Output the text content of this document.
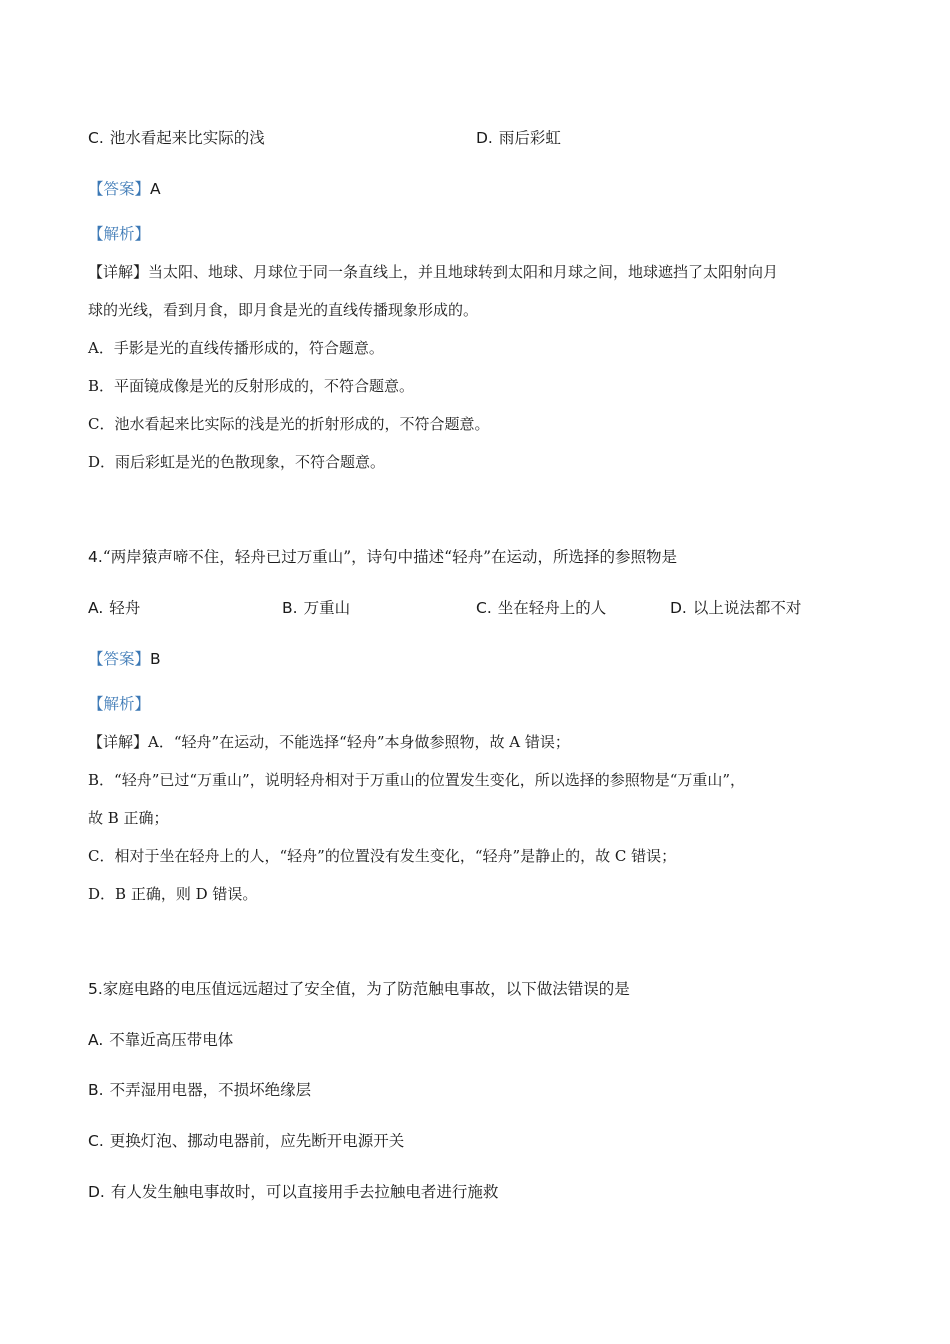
C. 池水看起来比实际的浅	D. 雨后彩虹
【答案】A
【解析】
【详解】当太阳、地球、月球位于同一条直线上，并且地球转到太阳和月球之间，地球遮挡了太阳射向月
球的光线，看到月食，即月食是光的直线传播现象形成的。
A．手影是光的直线传播形成的，符合题意。
B．平面镜成像是光的反射形成的，不符合题意。
C．池水看起来比实际的浅是光的折射形成的，不符合题意。
D．雨后彩虹是光的色散现象，不符合题意。
4.“两岸猿声啼不住，轻舟已过万重山”，诗句中描述“轻舟”在运动，所选择的参照物是
A. 轻舟	B. 万重山	C. 坐在轻舟上的人	D. 以上说法都不对
【答案】B
【解析】
【详解】A．“轻舟”在运动，不能选择“轻舟”本身做参照物，故 A 错误；
B．“轻舟”已过“万重山”，说明轻舟相对于万重山的位置发生变化，所以选择的参照物是“万重山”，
故 B 正确；
C．相对于坐在轻舟上的人，“轻舟”的位置没有发生变化，“轻舟”是静止的，故 C 错误；
D．B 正确，则 D 错误。
5.家庭电路的电压值远远超过了安全值，为了防范触电事故，以下做法错误的是
A. 不靠近高压带电体
B. 不弄湿用电器，不损坏绝缘层
C. 更换灯泡、挪动电器前，应先断开电源开关
D. 有人发生触电事故时，可以直接用手去拉触电者进行施救
